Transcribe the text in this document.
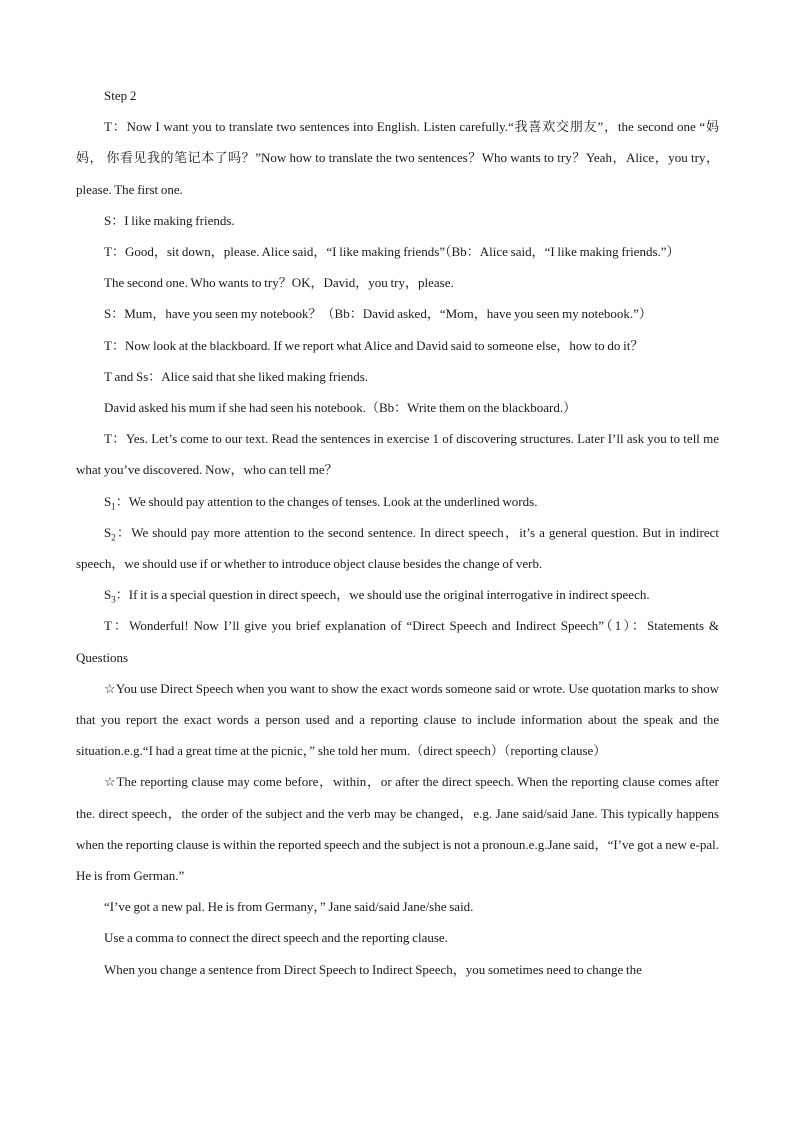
Step 2

T：Now I want you to translate two sentences into English. Listen carefully.“我喜欢交朋友”，the second one “妈妈， 你看见我的笔记本了吗？”Now how to translate the two sentences？Who wants to try？Yeah，Alice，you try，please. The first one.

S：I like making friends.

T：Good，sit down，please. Alice said，“I like making friends”（Bb：Alice said，“I like making friends.”）

The second one. Who wants to try？OK，David，you try，please.

S：Mum，have you seen my notebook？（Bb：David asked，“Mom，have you seen my notebook.”）

T：Now look at the blackboard. If we report what Alice and David said to someone else，how to do it？

T and Ss：Alice said that she liked making friends.

David asked his mum if she had seen his notebook.（Bb：Write them on the blackboard.）

T：Yes. Let’s come to our text. Read the sentences in exercise 1 of discovering structures. Later I’ll ask you to tell me what you’ve discovered. Now，who can tell me？

$S_1$：We should pay attention to the changes of tenses. Look at the underlined words.

$S_2$：We should pay more attention to the second sentence. In direct speech，it’s a general question. But in indirect speech，we should use if or whether to introduce object clause besides the change of verb.

$S_3$：If it is a special question in direct speech，we should use the original interrogative in indirect speech.

T：Wonderful! Now I’ll give you brief explanation of “Direct Speech and Indirect Speech”（1）：Statements & Questions

☆You use Direct Speech when you want to show the exact words someone said or wrote. Use quotation marks to show that you report the exact words a person used and a reporting clause to include information about the speak and the situation.e.g.“I had a great time at the picnic，” she told her mum.（direct speech）（reporting clause）

☆The reporting clause may come before，within，or after the direct speech. When the reporting clause comes after the. direct speech，the order of the subject and the verb may be changed，e.g. Jane said/said Jane. This typically happens when the reporting clause is within the reported speech and the subject is not a pronoun.e.g.Jane said，“I’ve got a new e-pal. He is from German.”

“I’ve got a new pal. He is from Germany，” Jane said/said Jane/she said.

Use a comma to connect the direct speech and the reporting clause.

When you change a sentence from Direct Speech to Indirect Speech，you sometimes need to change the
